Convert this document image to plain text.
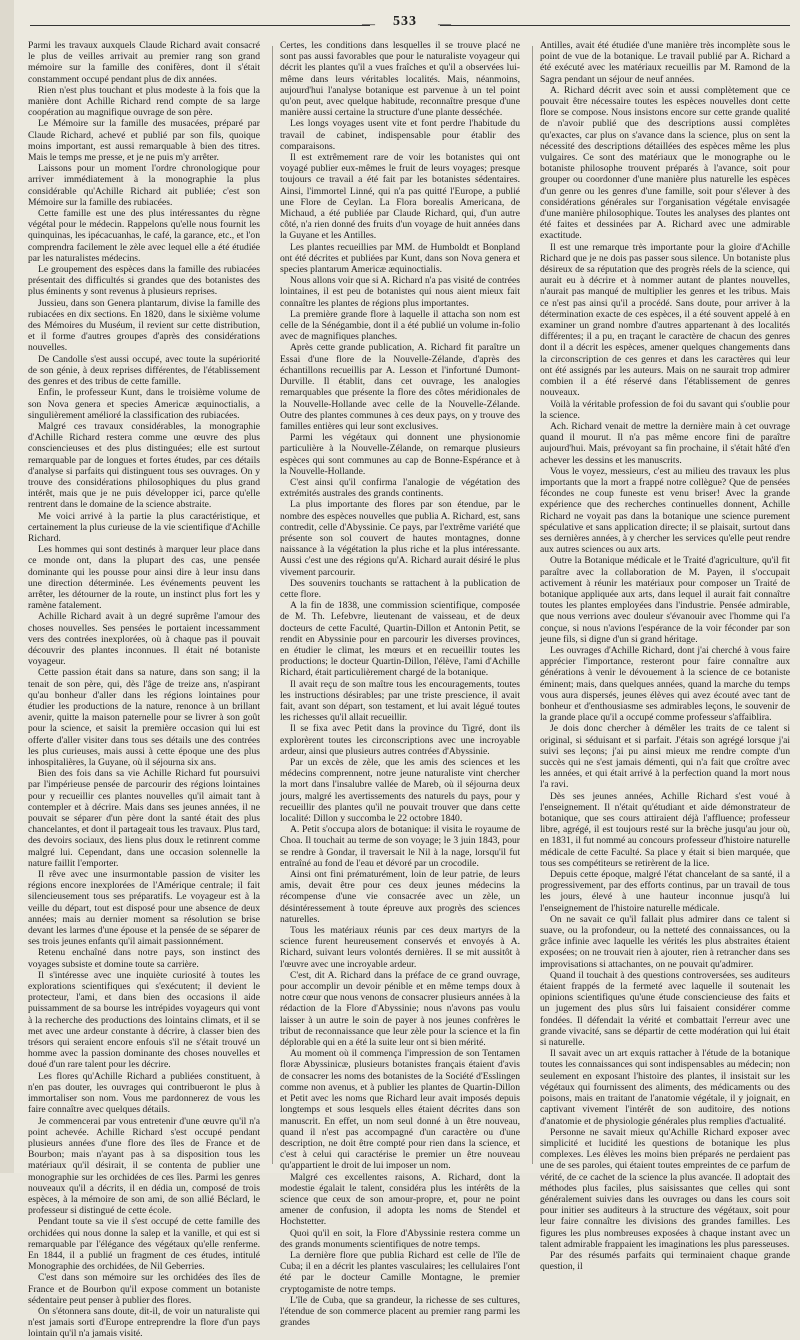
—	533	—

Parmi les travaux auxquels Claude Richard avait consacré le plus de veilles arrivait au premier rang son grand mémoire sur la famille des conifères, dont il s'était constamment occupé pendant plus de dix années.

Rien n'est plus touchant et plus modeste à la fois que la manière dont Achille Richard rend compte de sa large coopération au magnifique ouvrage de son père.

Le Mémoire sur la famille des musacées, préparé par Claude Richard, achevé et publié par son fils, quoique moins important, est aussi remarquable à bien des titres. Mais le temps me presse, et je ne puis m'y arrêter.

Laissons pour un moment l'ordre chronologique pour arriver immédiatement à la monographie la plus considérable qu'Achille Richard ait publiée; c'est son Mémoire sur la famille des rubiacées.

Cette famille est une des plus intéressantes du règne végétal pour le médecin. Rappelons qu'elle nous fournit les quinquinas, les ipécacuanhas, le café, la garance, etc., et l'on comprendra facilement le zèle avec lequel elle a été étudiée par les naturalistes médecins.

Le groupement des espèces dans la famille des rubiacées présentait des difficultés si grandes que des botanistes des plus éminents y sont revenus à plusieurs reprises.

Jussieu, dans son Genera plantarum, divise la famille des rubiacées en dix sections. En 1820, dans le sixième volume des Mémoires du Muséum, il revient sur cette distribution, et il forme d'autres groupes d'après des considérations nouvelles.

De Candolle s'est aussi occupé, avec toute la supériorité de son génie, à deux reprises différentes, de l'établissement des genres et des tribus de cette famille.

Enfin, le professeur Kunt, dans le troisième volume de son Nova genera et species Americæ æquinoctialis, a singulièrement amélioré la classification des rubiacées.

Malgré ces travaux considérables, la monographie d'Achille Richard restera comme une œuvre des plus consciencieuses et des plus distinguées; elle est surtout remarquable par de longues et fortes études, par ces détails d'analyse si parfaits qui distinguent tous ses ouvrages. On y trouve des considérations philosophiques du plus grand intérêt, mais que je ne puis développer ici, parce qu'elle rentrent dans le domaine de la science abstraite.

Me voici arrivé à la partie la plus caractéristique, et certainement la plus curieuse de la vie scientifique d'Achille Richard.

Les hommes qui sont destinés à marquer leur place dans ce monde ont, dans la plupart des cas, une pensée dominante qui les pousse pour ainsi dire à leur insu dans une direction déterminée. Les événements peuvent les arrêter, les détourner de la route, un instinct plus fort les y ramène fatalement.

Achille Richard avait à un degré suprême l'amour des choses nouvelles. Ses pensées le portaient incessamment vers des contrées inexplorées, où à chaque pas il pouvait découvrir des plantes inconnues. Il était né botaniste voyageur.

Cette passion était dans sa nature, dans son sang; il la tenait de son père, qui, dès l'âge de treize ans, n'aspirant qu'au bonheur d'aller dans les régions lointaines pour étudier les productions de la nature, renonce à un brillant avenir, quitte la maison paternelle pour se livrer à son goût pour la science, et saisit la première occasion qui lui est offerte d'aller visiter dans tous ses détails une des contrées les plus curieuses, mais aussi à cette époque une des plus inhospitalières, la Guyane, où il séjourna six ans.

Bien des fois dans sa vie Achille Richard fut poursuivi par l'impérieuse pensée de parcourir des régions lointaines pour y recueillir ces plantes nouvelles qu'il aimait tant à contempler et à décrire. Mais dans ses jeunes années, il ne pouvait se séparer d'un père dont la santé était des plus chancelantes, et dont il partageait tous les travaux. Plus tard, des devoirs sociaux, des liens plus doux le retinrent comme malgré lui. Cependant, dans une occasion solennelle la nature faillit l'emporter.

Il rêve avec une insurmontable passion de visiter les régions encore inexplorées de l'Amérique centrale; il fait silencieusement tous ses préparatifs. Le voyageur est à la veille du départ, tout est disposé pour une absence de deux années; mais au dernier moment sa résolution se brise devant les larmes d'une épouse et la pensée de se séparer de ses trois jeunes enfants qu'il aimait passionnément.

Retenu enchaîné dans notre pays, son instinct des voyages subsiste et domine toute sa carrière.

Il s'intéresse avec une inquiète curiosité à toutes les explorations scientifiques qui s'exécutent; il devient le protecteur, l'ami, et dans bien des occasions il aide puissamment de sa bourse les intrépides voyageurs qui vont à la recherche des productions des lointains climats, et il se met avec une ardeur constante à décrire, à classer bien des trésors qui seraient encore enfouis s'il ne s'était trouvé un homme avec la passion dominante des choses nouvelles et doué d'un rare talent pour les décrire.

Les flores qu'Achille Richard a publiées constituent, à n'en pas douter, les ouvrages qui contribueront le plus à immortaliser son nom. Vous me pardonnerez de vous les faire connaître avec quelques détails.

Je commencerai par vous entretenir d'une œuvre qu'il n'a point achevée. Achille Richard s'est occupé pendant plusieurs années d'une flore des îles de France et de Bourbon; mais n'ayant pas à sa disposition tous les matériaux qu'il désirait, il se contenta de publier une monographie sur les orchidées de ces îles. Parmi les genres nouveaux qu'il a décrits, il en dédia un, composé de trois espèces, à la mémoire de son ami, de son allié Béclard, le professeur si distingué de cette école.

Pendant toute sa vie il s'est occupé de cette famille des orchidées qui nous donne la salep et la vanille, et qui est si remarquable par l'élégance des végétaux qu'elle renferme. En 1844, il a publié un fragment de ces études, intitulé Monographie des orchidées, de Nil Geberries.

C'est dans son mémoire sur les orchidées des îles de France et de Bourbon qu'il expose comment un botaniste sédentaire peut penser à publier des flores.

On s'étonnera sans doute, dit-il, de voir un naturaliste qui n'est jamais sorti d'Europe entreprendre la flore d'un pays lointain qu'il n'a jamais visité.

Certes, les conditions dans lesquelles il se trouve placé ne sont pas aussi favorables que pour le naturaliste voyageur qui décrit les plantes qu'il a vues fraîches et qu'il a observées lui-même dans leurs véritables localités. Mais, néanmoins, aujourd'hui l'analyse botanique est parvenue à un tel point qu'on peut, avec quelque habitude, reconnaître presque d'une manière aussi certaine la structure d'une plante desséchée.

Les longs voyages usent vite et font perdre l'habitude du travail de cabinet, indispensable pour établir des comparaisons.

Il est extrêmement rare de voir les botanistes qui ont voyagé publier eux-mêmes le fruit de leurs voyages; presque toujours ce travail a été fait par les botanistes sédentaires. Ainsi, l'immortel Linné, qui n'a pas quitté l'Europe, a publié une Flore de Ceylan. La Flora borealis Americana, de Michaud, a été publiée par Claude Richard, qui, d'un autre côté, n'a rien donné des fruits d'un voyage de huit années dans la Guyane et les Antilles.

Les plantes recueillies par MM. de Humboldt et Bonpland ont été décrites et publiées par Kunt, dans son Nova genera et species plantarum Americæ æquinoctialis.

Nous allons voir que si A. Richard n'a pas visité de contrées lointaines, il est peu de botanistes qui nous aient mieux fait connaître les plantes de régions plus importantes.

La première grande flore à laquelle il attacha son nom est celle de la Sénégambie, dont il a été publié un volume in-folio avec de magnifiques planches.

Après cette grande publication, A. Richard fit paraître un Essai d'une flore de la Nouvelle-Zélande, d'après des échantillons recueillis par A. Lesson et l'infortuné Dumont-Durville. Il établit, dans cet ouvrage, les analogies remarquables que présente la flore des côtes méridionales de la Nouvelle-Hollande avec celle de la Nouvelle-Zélande. Outre des plantes communes à ces deux pays, on y trouve des familles entières qui leur sont exclusives.

Parmi les végétaux qui donnent une physionomie particulière à la Nouvelle-Zélande, on remarque plusieurs espèces qui sont communes au cap de Bonne-Espérance et à la Nouvelle-Hollande.

C'est ainsi qu'il confirma l'analogie de végétation des extrémités australes des grands continents.

La plus importante des flores par son étendue, par le nombre des espèces nouvelles que publia A. Richard, est, sans contredit, celle d'Abyssinie. Ce pays, par l'extrême variété que présente son sol couvert de hautes montagnes, donne naissance à la végétation la plus riche et la plus intéressante. Aussi c'est une des régions qu'A. Richard aurait désiré le plus vivement parcourir.

Des souvenirs touchants se rattachent à la publication de cette flore.

A la fin de 1838, une commission scientifique, composée de M. Th. Lefebvre, lieutenant de vaisseau, et de deux docteurs de cette Faculté, Quartin-Dillon et Antonin Petit, se rendit en Abyssinie pour en parcourir les diverses provinces, en étudier le climat, les mœurs et en recueillir toutes les productions; le docteur Quartin-Dillon, l'élève, l'ami d'Achille Richard, était particulièrement chargé de la botanique.

Il avait reçu de son maître tous les encouragements, toutes les instructions désirables; par une triste prescience, il avait fait, avant son départ, son testament, et lui avait légué toutes les richesses qu'il allait recueillir.

Il se fixa avec Petit dans la province du Tigré, dont ils explorèrent toutes les circonscriptions avec une incroyable ardeur, ainsi que plusieurs autres contrées d'Abyssinie.

Par un excès de zèle, que les amis des sciences et les médecins comprennent, notre jeune naturaliste vint chercher la mort dans l'insalubre vallée de Mareb, où il séjourna deux jours, malgré les avertissements des naturels du pays, pour y recueillir des plantes qu'il ne pouvait trouver que dans cette localité: Dillon y succomba le 22 octobre 1840.

A. Petit s'occupa alors de botanique: il visita le royaume de Choa. Il touchait au terme de son voyage; le 3 juin 1843, pour se rendre à Gondar, il traversait le Nil à la nage, lorsqu'il fut entraîné au fond de l'eau et dévoré par un crocodile.

Ainsi ont fini prématurément, loin de leur patrie, de leurs amis, devait être pour ces deux jeunes médecins la récompense d'une vie consacrée avec un zèle, un désintéressement à toute épreuve aux progrès des sciences naturelles.

Tous les matériaux réunis par ces deux martyrs de la science furent heureusement conservés et envoyés à A. Richard, suivant leurs volontés dernières. Il se mit aussitôt à l'œuvre avec une incroyable ardeur.

C'est, dit A. Richard dans la préface de ce grand ouvrage, pour accomplir un devoir pénible et en même temps doux à notre cœur que nous venons de consacrer plusieurs années à la rédaction de la Flore d'Abyssinie; nous n'avons pas voulu laisser à un autre le soin de payer à nos jeunes confrères le tribut de reconnaissance que leur zèle pour la science et la fin déplorable qui en a été la suite leur ont si bien mérité.

Au moment où il commença l'impression de son Tentamen floræ Abyssinicæ, plusieurs botanistes français étaient d'avis de consacrer les noms des botanistes de la Société d'Esslingen comme non avenus, et à publier les plantes de Quartin-Dillon et Petit avec les noms que Richard leur avait imposés depuis longtemps et sous lesquels elles étaient décrites dans son manuscrit. En effet, un nom seul donné à un être nouveau, quand il n'est pas accompagné d'un caractère ou d'une description, ne doit être compté pour rien dans la science, et c'est à celui qui caractérise le premier un être nouveau qu'appartient le droit de lui imposer un nom.

Malgré ces excellentes raisons, A. Richard, dont la modestie égalait le talent, considéra plus les intérêts de la science que ceux de son amour-propre, et, pour ne point amener de confusion, il adopta les noms de Stendel et Hochstetter.

Quoi qu'il en soit, la Flore d'Abyssinie restera comme un des grands monuments scientifiques de notre temps.

La dernière flore que publia Richard est celle de l'île de Cuba; il en a décrit les plantes vasculaires; les cellulaires l'ont été par le docteur Camille Montagne, le premier cryptogamiste de notre temps.

L'île de Cuba, que sa grandeur, la richesse de ses cultures, l'étendue de son commerce placent au premier rang parmi les grandes

Antilles, avait été étudiée d'une manière très incomplète sous le point de vue de la botanique. Le travail publié par A. Richard a été exécuté avec les matériaux recueillis par M. Ramond de la Sagra pendant un séjour de neuf années.

A. Richard décrit avec soin et aussi complètement que ce pouvait être nécessaire toutes les espèces nouvelles dont cette flore se compose. Nous insistons encore sur cette grande qualité de n'avoir publié que des descriptions aussi complètes qu'exactes, car plus on s'avance dans la science, plus on sent la nécessité des descriptions détaillées des espèces même les plus vulgaires. Ce sont des matériaux que le monographe ou le botaniste philosophe trouvent préparés à l'avance, soit pour grouper ou coordonner d'une manière plus naturelle les espèces d'un genre ou les genres d'une famille, soit pour s'élever à des considérations générales sur l'organisation végétale envisagée d'une manière philosophique. Toutes les analyses des plantes ont été faites et dessinées par A. Richard avec une admirable exactitude.

Il est une remarque très importante pour la gloire d'Achille Richard que je ne dois pas passer sous silence. Un botaniste plus désireux de sa réputation que des progrès réels de la science, qui aurait eu à décrire et à nommer autant de plantes nouvelles, n'aurait pas manqué de multiplier les genres et les tribus. Mais ce n'est pas ainsi qu'il a procédé. Sans doute, pour arriver à la détermination exacte de ces espèces, il a été souvent appelé à en examiner un grand nombre d'autres appartenant à des localités différentes; il a pu, en traçant le caractère de chacun des genres dont il a décrit les espèces, amener quelques changements dans la circonscription de ces genres et dans les caractères qui leur ont été assignés par les auteurs. Mais on ne saurait trop admirer combien il a été réservé dans l'établissement de genres nouveaux.

Voilà la véritable profession de foi du savant qui s'oublie pour la science.

Ach. Richard venait de mettre la dernière main à cet ouvrage quand il mourut. Il n'a pas même encore fini de paraître aujourd'hui. Mais, prévoyant sa fin prochaine, il s'était hâté d'en achever les dessins et les manuscrits.

Vous le voyez, messieurs, c'est au milieu des travaux les plus importants que la mort a frappé notre collègue? Que de pensées fécondes ne coup funeste est venu briser! Avec la grande expérience que des recherches continuelles donnent, Achille Richard ne voyait pas dans la botanique une science purement spéculative et sans application directe; il se plaisait, surtout dans ses dernières années, à y chercher les services qu'elle peut rendre aux autres sciences ou aux arts.

Outre la Botanique médicale et le Traité d'agriculture, qu'il fit paraître avec la collaboration de M. Payen, il s'occupait activement à réunir les matériaux pour composer un Traité de botanique appliquée aux arts, dans lequel il aurait fait connaître toutes les plantes employées dans l'industrie. Pensée admirable, que nous verrions avec douleur s'évanouir avec l'homme qui l'a conçue, si nous n'avions l'espérance de la voir féconder par son jeune fils, si digne d'un si grand héritage.

Les ouvrages d'Achille Richard, dont j'ai cherché à vous faire apprécier l'importance, resteront pour faire connaître aux générations à venir le dévouement à la science de ce botaniste éminent; mais, dans quelques années, quand la marche du temps vous aura dispersés, jeunes élèves qui avez écouté avec tant de bonheur et d'enthousiasme ses admirables leçons, le souvenir de la grande place qu'il a occupé comme professeur s'affaiblira.

Je dois donc chercher à démêler les traits de ce talent si original, si séduisant et si parfait. J'étais son agrégé lorsque j'ai suivi ses leçons; j'ai pu ainsi mieux me rendre compte d'un succès qui ne s'est jamais démenti, qui n'a fait que croître avec les années, et qui était arrivé à la perfection quand la mort nous l'a ravi.

Dès ses jeunes années, Achille Richard s'est voué à l'enseignement. Il n'était qu'étudiant et aide démonstrateur de botanique, que ses cours attiraient déjà l'affluence; professeur libre, agrégé, il est toujours resté sur la brèche jusqu'au jour où, en 1831, il fut nommé au concours professeur d'histoire naturelle médicale de cette Faculté. Sa place y était si bien marquée, que tous ses compétiteurs se retirèrent de la lice.

Depuis cette époque, malgré l'état chancelant de sa santé, il a progressivement, par des efforts continus, par un travail de tous les jours, élevé à une hauteur inconnue jusqu'à lui l'enseignement de l'histoire naturelle médicale.

On ne savait ce qu'il fallait plus admirer dans ce talent si suave, ou la profondeur, ou la netteté des connaissances, ou la grâce infinie avec laquelle les vérités les plus abstraites étaient exposées; on ne trouvait rien à ajouter, rien à retrancher dans ses improvisations si attachantes, on ne pouvait qu'admirer.

Quand il touchait à des questions controversées, ses auditeurs étaient frappés de la fermeté avec laquelle il soutenait les opinions scientifiques qu'une étude consciencieuse des faits et un jugement des plus sûrs lui faisaient considérer comme fondées. Il défendait la vérité et combattait l'erreur avec une grande vivacité, sans se départir de cette modération qui lui était si naturelle.

Il savait avec un art exquis rattacher à l'étude de la botanique toutes les connaissances qui sont indispensables au médecin; non seulement en exposant l'histoire des plantes, il insistait sur les végétaux qui fournissent des aliments, des médicaments ou des poisons, mais en traitant de l'anatomie végétale, il y joignait, en captivant vivement l'intérêt de son auditoire, des notions d'anatomie et de physiologie générales plus remplies d'actualité.

Personne ne savait mieux qu'Achille Richard exposer avec simplicité et lucidité les questions de botanique les plus complexes. Les élèves les moins bien préparés ne perdaient pas une de ses paroles, qui étaient toutes empreintes de ce parfum de vérité, de ce cachet de la science la plus avancée. Il adoptait des méthodes plus faciles, plus saisissantes que celles qui sont généralement suivies dans les ouvrages ou dans les cours soit pour initier ses auditeurs à la structure des végétaux, soit pour leur faire connaître les divisions des grandes familles. Les figures les plus nombreuses exposées à chaque instant avec un talent admirable frappaient les imaginations les plus paresseuses.

Par des résumés parfaits qui terminaient chaque grande question, il
